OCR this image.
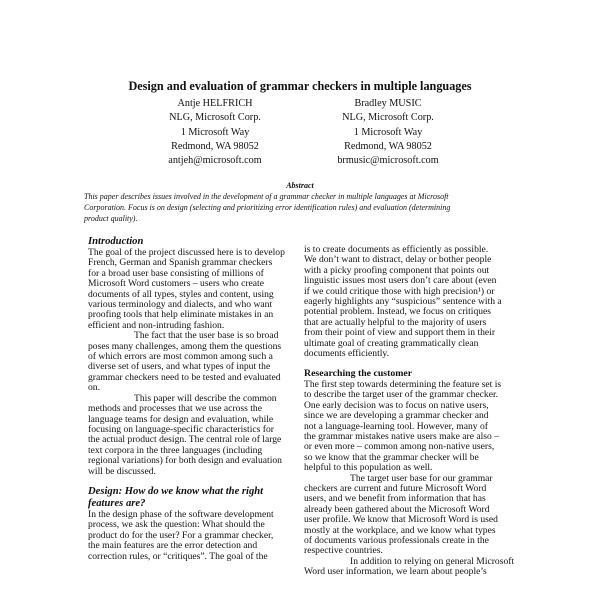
Design and evaluation of grammar checkers in multiple languages
Antje HELFRICH
NLG, Microsoft Corp.
1 Microsoft Way
Redmond, WA 98052
antjeh@microsoft.com
Bradley MUSIC
NLG, Microsoft Corp.
1 Microsoft Way
Redmond, WA 98052
brmusic@microsoft.com
Abstract
This paper describes issues involved in the development of a grammar checker in multiple languages at Microsoft
Corporation. Focus is on design (selecting and prioritizing error identification rules) and evaluation (determining
product quality).
Introduction
The goal of the project discussed here is to develop
French, German and Spanish grammar checkers
for a broad user base consisting of millions of
Microsoft Word customers – users who create
documents of all types, styles and content, using
various terminology and dialects, and who want
proofing tools that help eliminate mistakes in an
efficient and non-intruding fashion.
The fact that the user base is so broad
poses many challenges, among them the questions
of which errors are most common among such a
diverse set of users, and what types of input the
grammar checkers need to be tested and evaluated
on.
This paper will describe the common
methods and processes that we use across the
language teams for design and evaluation, while
focusing on language-specific characteristics for
the actual product design. The central role of large
text corpora in the three languages (including
regional variations) for both design and evaluation
will be discussed.
Design: How do we know what the right
features are?
In the design phase of the software development
process, we ask the question: What should the
product do for the user? For a grammar checker,
the main features are the error detection and
correction rules, or “critiques”. The goal of the
is to create documents as efficiently as possible.
We don’t want to distract, delay or bother people
with a picky proofing component that points out
linguistic issues most users don’t care about (even
if we could critique those with high precision¹) or
eagerly highlights any “suspicious” sentence with a
potential problem. Instead, we focus on critiques
that are actually helpful to the majority of users
from their point of view and support them in their
ultimate goal of creating grammatically clean
documents efficiently.
Researching the customer
The first step towards determining the feature set is
to describe the target user of the grammar checker.
One early decision was to focus on native users,
since we are developing a grammar checker and
not a language-learning tool. However, many of
the grammar mistakes native users make are also –
or even more – common among non-native users,
so we know that the grammar checker will be
helpful to this population as well.
The target user base for our grammar
checkers are current and future Microsoft Word
users, and we benefit from information that has
already been gathered about the Microsoft Word
user profile. We know that Microsoft Word is used
mostly at the workplace, and we know what types
of documents various professionals create in the
respective countries.
In addition to relying on general Microsoft
Word user information, we learn about people’s
